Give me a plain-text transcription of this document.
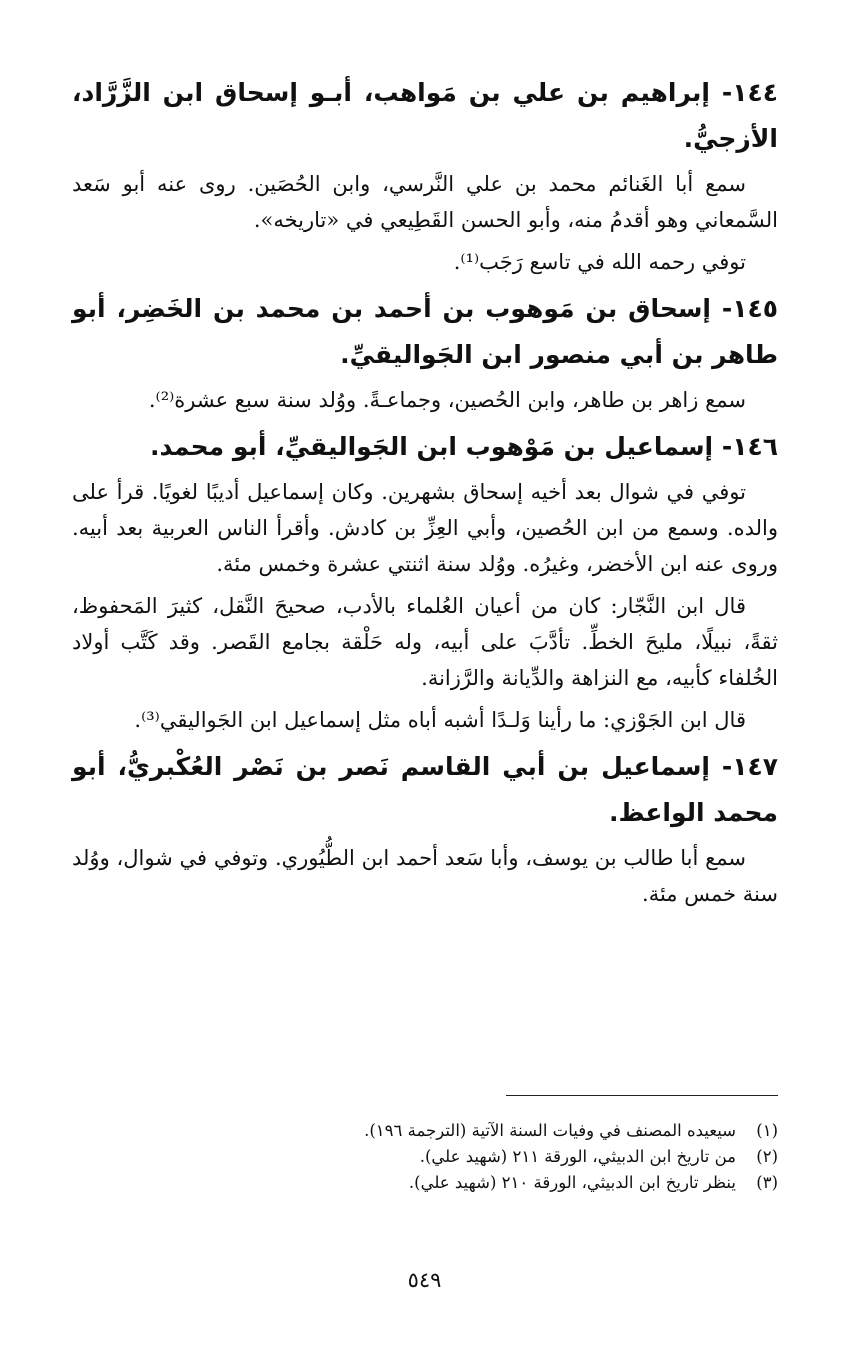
١٤٤- إبراهيم بن علي بن مَواهب، أبـو إسحاق ابن الزَّرَّاد، الأزجيُّ.

سمع أبا الغَنائم محمد بن علي النَّرسي، وابن الحُصَين. روى عنه أبو سَعد السَّمعاني وهو أقدمُ منه، وأبو الحسن القَطِيعي في «تاريخه».

توفي رحمه الله في تاسع رَجَب⁽¹⁾.

١٤٥- إسحاق بن مَوهوب بن أحمد بن محمد بن الخَضِر، أبو طاهر بن أبي منصور ابن الجَواليقيِّ.

سمع زاهر بن طاهر، وابن الحُصين، وجماعـةً. ووُلد سنة سبع عشرة⁽²⁾.

١٤٦- إسماعيل بن مَوْهوب ابن الجَواليقيِّ، أبو محمد.

توفي في شوال بعد أخيه إسحاق بشهرين. وكان إسماعيل أديبًا لغويًا. قرأ على والده. وسمع من ابن الحُصين، وأبي العِزِّ بن كادش. وأقرأ الناس العربية بعد أبيه. وروى عنه ابن الأخضر، وغيرُه. ووُلد سنة اثنتي عشرة وخمس مئة.

قال ابن النَّجّار: كان من أعيان العُلماء بالأدب، صحيحَ النَّقل، كثيرَ المَحفوظ، ثقةً، نبيلًا، مليحَ الخطِّ. تأدَّبَ على أبيه، وله حَلْقة بجامع القَصر. وقد كَتَّب أولاد الخُلفاء كأبيه، مع النزاهة والدِّيانة والرَّزانة.

قال ابن الجَوْزي: ما رأينا وَلـدًا أشبه أباه مثل إسماعيل ابن الجَواليقي⁽³⁾.

١٤٧- إسماعيل بن أبي القاسم نَصر بن نَصْر العُكْبريُّ، أبو محمد الواعظ.

سمع أبا طالب بن يوسف، وأبا سَعد أحمد ابن الطُّيُوري. وتوفي في شوال، ووُلد سنة خمس مئة.

(١)
سيعيده المصنف في وفيات السنة الآتية (الترجمة ١٩٦).
(٢)
من تاريخ ابن الدبيثي، الورقة ٢١١ (شهيد علي).
(٣)
ينظر تاريخ ابن الدبيثي، الورقة ٢١٠ (شهيد علي).
٥٤٩
